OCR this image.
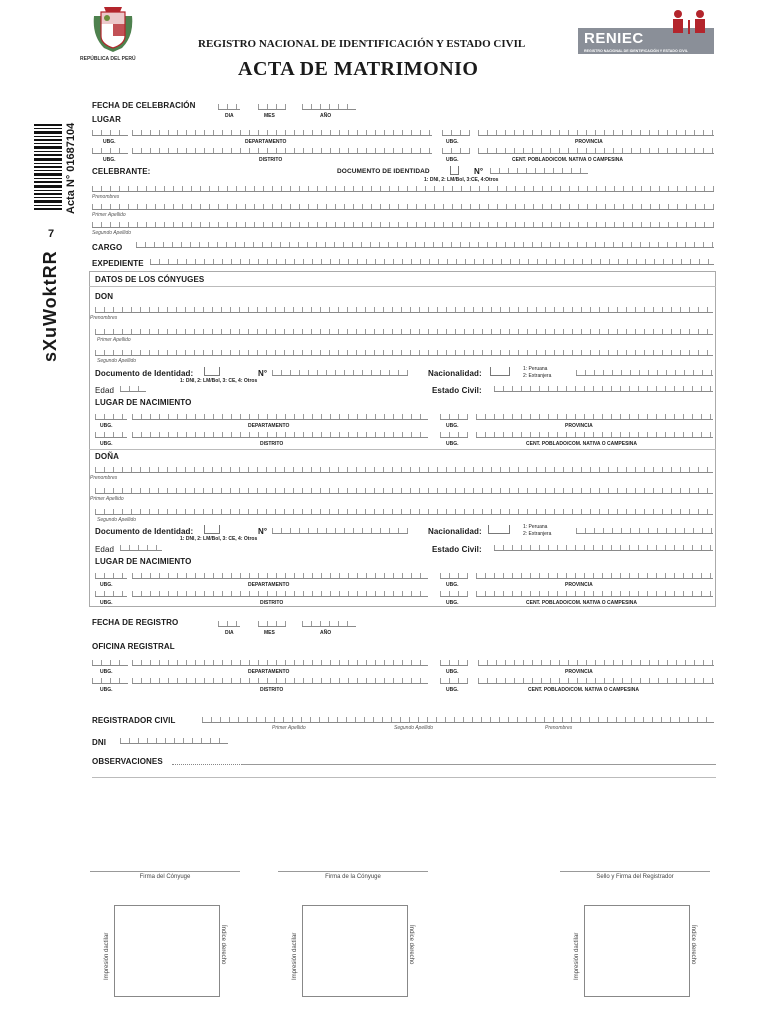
REPÚBLICA DEL PERÚ
REGISTRO NACIONAL DE IDENTIFICACIÓN Y ESTADO CIVIL
ACTA DE MATRIMONIO
RENIEC
REGISTRO NACIONAL DE IDENTIFICACIÓN Y ESTADO CIVIL
Acta N° 01687104
7
sXuWoktRR
FECHA DE CELEBRACIÓN
DIA	MES	AÑO
LUGAR
UBG.	DEPARTAMENTO	UBG.	PROVINCIA
UBG.	DISTRITO	UBG.	CENT. POBLADO/COM. NATIVA O CAMPESINA
CELEBRANTE:	DOCUMENTO DE IDENTIDAD	N°
1: DNI, 2: LM/Bol, 3:CE, 4:Otros
Prenombres
Primer Apellido
Segundo Apellido
CARGO
EXPEDIENTE
DATOS DE LOS CÓNYUGES
DON
Prenombres
Primer Apellido
Segundo Apellido
Documento de Identidad:	N°
1: DNI, 2: LM/Bol, 3: CE, 4: Otros
Nacionalidad:	1: Peruana
2: Extranjera
Edad	Estado Civil:
LUGAR DE NACIMIENTO
UBG.	DEPARTAMENTO	UBG.	PROVINCIA
UBG.	DISTRITO	UBG.	CENT. POBLADO/COM. NATIVA O CAMPESINA
DOÑA
Prenombres
Primer Apellido
Segundo Apellido
Documento de Identidad:	N°
1: DNI, 2: LM/Bol, 3: CE, 4: Otros
Nacionalidad:	1: Peruana
2: Extranjera
Edad	Estado Civil:
LUGAR DE NACIMIENTO
UBG.	DEPARTAMENTO	UBG.	PROVINCIA
UBG.	DISTRITO	UBG.	CENT. POBLADO/COM. NATIVA O CAMPESINA
FECHA DE REGISTRO
DIA	MES	AÑO
OFICINA REGISTRAL
UBG.	DEPARTAMENTO	UBG.	PROVINCIA
UBG.	DISTRITO	UBG.	CENT. POBLADO/COM. NATIVA O CAMPESINA
REGISTRADOR CIVIL
Primer Apellido	Segundo Apellido	Prenombres
DNI
OBSERVACIONES
Firma del Cónyuge	Firma de la Cónyuge	Sello y Firma del Registrador
Impresión dactilar	Índice derecho	Impresión dactilar	Índice derecho	Impresión dactilar	Índice derecho
